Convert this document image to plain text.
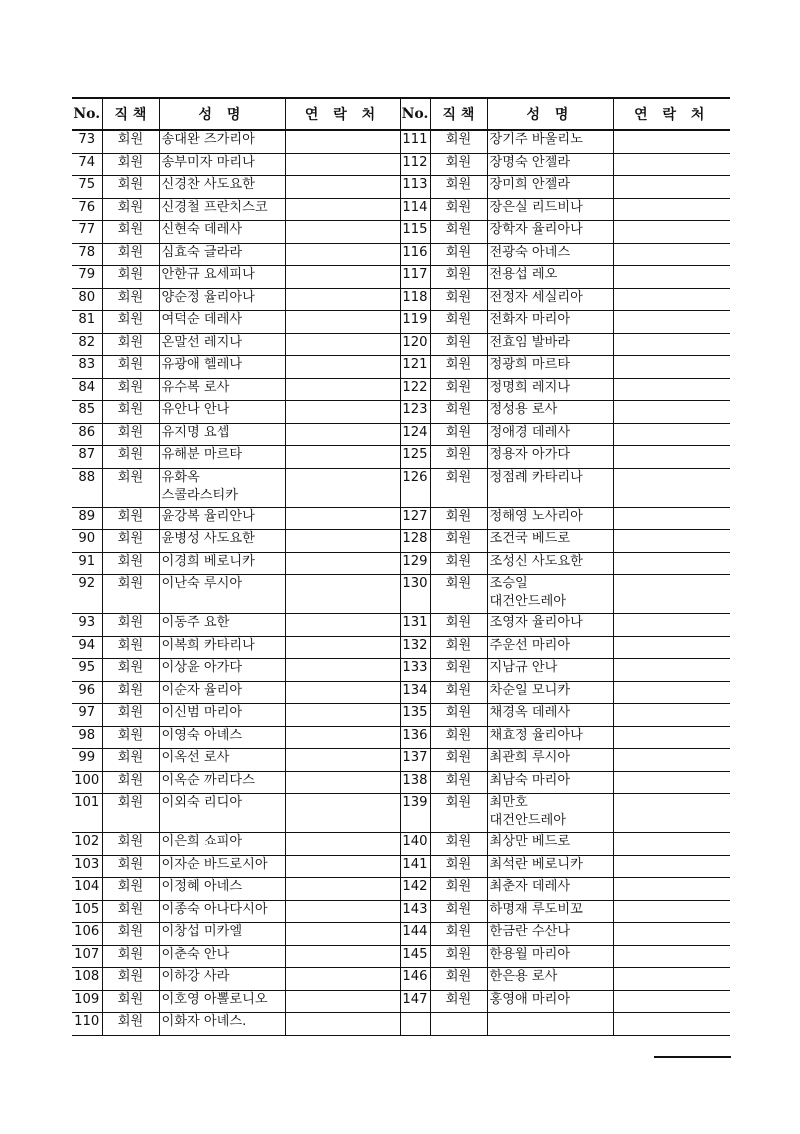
No.	직 책	성 명	연 락 처	No.	직 책	성 명	연 락 처
73	회원	송대완 즈가리아		111	회원	장기주 바울리노	

74	회원	송부미자 마리나		112	회원	장명숙 안젤라	

75	회원	신경찬 사도요한		113	회원	장미희 안젤라	

76	회원	신경철 프란치스코		114	회원	장은실 리드비나	

77	회원	신현숙 데레사		115	회원	장학자 율리아나	

78	회원	심효숙 글라라		116	회원	전광숙 아네스	

79	회원	안한규 요세피나		117	회원	전용섭 레오	

80	회원	양순정 율리아나		118	회원	전정자 세실리아	

81	회원	여덕순 데레사		119	회원	전화자 마리아	

82	회원	온말선 레지나		120	회원	전효임 발바라	

83	회원	유광애 헬레나		121	회원	정광희 마르타	

84	회원	유수복 로사		122	회원	정명희 레지나	

85	회원	유안나 안나		123	회원	정성용 로사	

86	회원	유지명 요셉		124	회원	정애경 데레사	

87	회원	유해분 마르타		125	회원	정용자 아가다	

88	회원	유화옥
스콜라스티카		126	회원	정점례 카타리나	

89	회원	윤강복 율리안나		127	회원	정해영 노사리아	

90	회원	윤병성 사도요한		128	회원	조건국 베드로	

91	회원	이경희 베로니카		129	회원	조성신 사도요한	

92	회원	이난숙 루시아		130	회원	조승일
대건안드레아	

93	회원	이동주 요한		131	회원	조영자 율리아나	

94	회원	이복희 카타리나		132	회원	주운선 마리아	

95	회원	이상윤 아가다		133	회원	지남규 안나	

96	회원	이순자 율리아		134	회원	차순일 모니카	

97	회원	이신범 마리아		135	회원	채경옥 데레사	

98	회원	이영숙 아녜스		136	회원	채효정 율리아나	

99	회원	이옥선 로사		137	회원	최관희 루시아	

100	회원	이옥순 까리다스		138	회원	최남숙 마리아	

101	회원	이외숙 리디아		139	회원	최만호
대건안드레아	

102	회원	이은희 쇼피아		140	회원	최상만 베드로	

103	회원	이자순 바드로시아		141	회원	최석란 베로니카	

104	회원	이정혜 아네스		142	회원	최춘자 데레사	

105	회원	이종숙 아나다시아		143	회원	하명재 루도비꼬	

106	회원	이창섭 미카엘		144	회원	한금란 수산나	

107	회원	이춘숙 안나		145	회원	한용월 마리아	

108	회원	이하강 사라		146	회원	한은용 로사	

109	회원	이호영 아뽈로니오		147	회원	홍영애 마리아	

110	회원	이화자 아녜스.					
